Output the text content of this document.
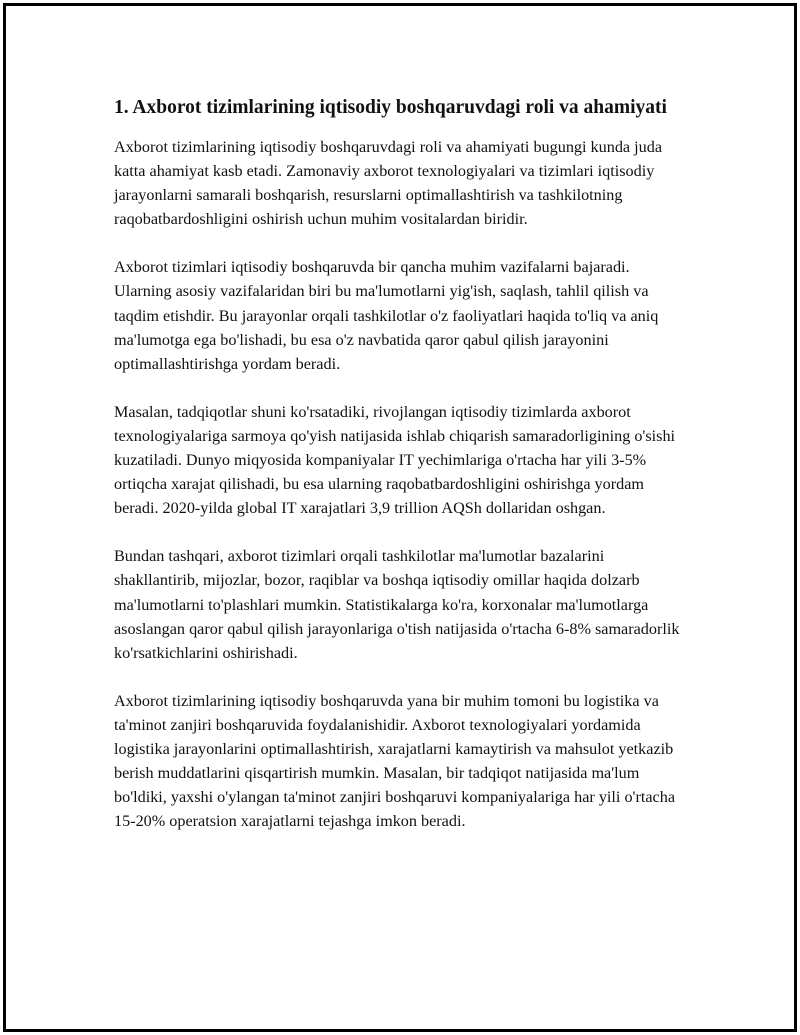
1. Axborot tizimlarining iqtisodiy boshqaruvdagi roli va ahamiyati

Axborot tizimlarining iqtisodiy boshqaruvdagi roli va ahamiyati bugungi kunda juda katta ahamiyat kasb etadi. Zamonaviy axborot texnologiyalari va tizimlari iqtisodiy jarayonlarni samarali boshqarish, resurslarni optimallashtirish va tashkilotning raqobatbardoshligini oshirish uchun muhim vositalardan biridir.

Axborot tizimlari iqtisodiy boshqaruvda bir qancha muhim vazifalarni bajaradi. Ularning asosiy vazifalaridan biri bu ma'lumotlarni yig'ish, saqlash, tahlil qilish va taqdim etishdir. Bu jarayonlar orqali tashkilotlar o'z faoliyatlari haqida to'liq va aniq ma'lumotga ega bo'lishadi, bu esa o'z navbatida qaror qabul qilish jarayonini optimallashtirishga yordam beradi.

Masalan, tadqiqotlar shuni ko'rsatadiki, rivojlangan iqtisodiy tizimlarda axborot texnologiyalariga sarmoya qo'yish natijasida ishlab chiqarish samaradorligining o'sishi kuzatiladi. Dunyo miqyosida kompaniyalar IT yechimlariga o'rtacha har yili 3-5% ortiqcha xarajat qilishadi, bu esa ularning raqobatbardoshligini oshirishga yordam beradi. 2020-yilda global IT xarajatlari 3,9 trillion AQSh dollaridan oshgan.

Bundan tashqari, axborot tizimlari orqali tashkilotlar ma'lumotlar bazalarini shakllantirib, mijozlar, bozor, raqiblar va boshqa iqtisodiy omillar haqida dolzarb ma'lumotlarni to'plashlari mumkin. Statistikalarga ko'ra, korxonalar ma'lumotlarga asoslangan qaror qabul qilish jarayonlariga o'tish natijasida o'rtacha 6-8% samaradorlik ko'rsatkichlarini oshirishadi.

Axborot tizimlarining iqtisodiy boshqaruvda yana bir muhim tomoni bu logistika va ta'minot zanjiri boshqaruvida foydalanishidir. Axborot texnologiyalari yordamida logistika jarayonlarini optimallashtirish, xarajatlarni kamaytirish va mahsulot yetkazib berish muddatlarini qisqartirish mumkin. Masalan, bir tadqiqot natijasida ma'lum bo'ldiki, yaxshi o'ylangan ta'minot zanjiri boshqaruvi kompaniyalariga har yili o'rtacha 15-20% operatsion xarajatlarni tejashga imkon beradi.
